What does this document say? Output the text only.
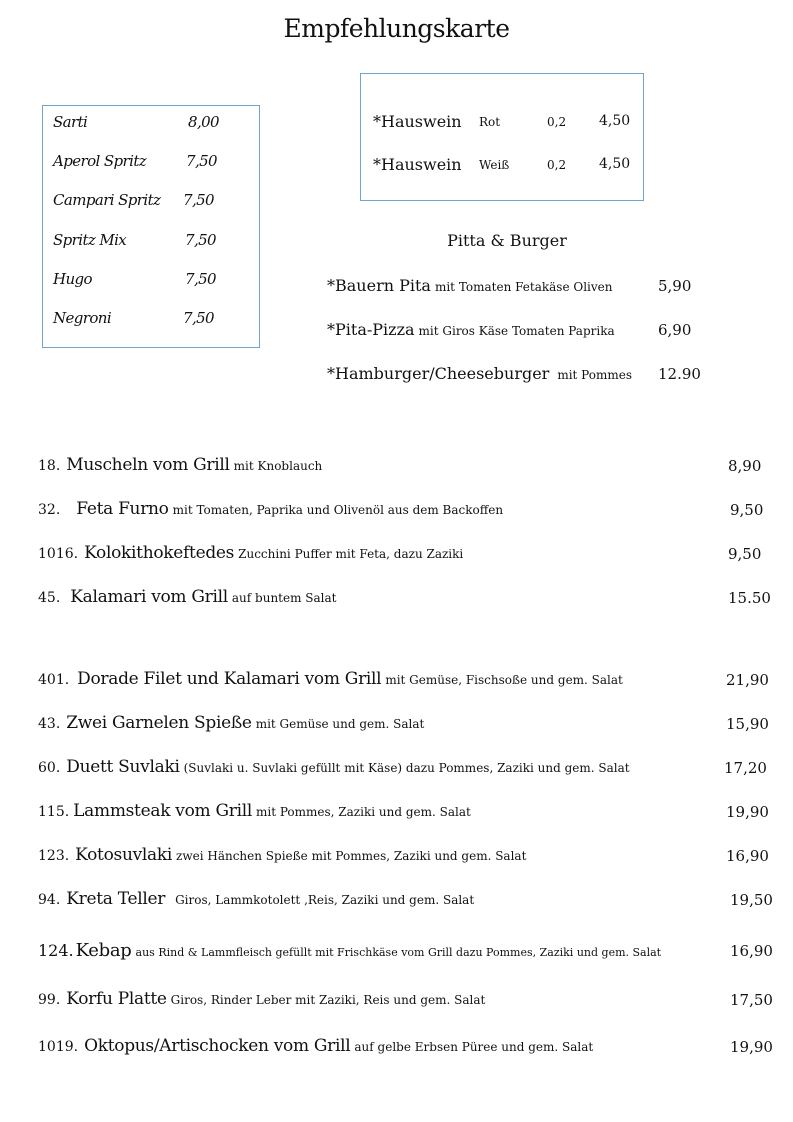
Empfehlungskarte
Sarti	8,00
Aperol Spritz	7,50
Campari Spritz 7,50
Spritz Mix	7,50
Hugo	7,50
Negroni	7,50
*Hauswein Rot	0,2 4,50
*Hauswein Weiß	0,2 4,50
Pitta & Burger
*Bauern Pita mit Tomaten Fetakäse Oliven	5,90
*Pita-Pizza mit Giros Käse Tomaten Paprika	6,90
*Hamburger/Cheeseburger mit Pommes 12.90
18. Muscheln vom Grill mit Knoblauch	8,90
32. Feta Furno mit Tomaten, Paprika und Olivenöl aus dem Backoffen	9,50
1016. Kolokithokeftedes Zucchini Puffer mit Feta, dazu Zaziki	9,50
45. Kalamari vom Grill auf buntem Salat	15.50
401. Dorade Filet und Kalamari vom Grill mit Gemüse, Fischsoße und gem. Salat	21,90
43. Zwei Garnelen Spieße mit Gemüse und gem. Salat	15,90
60. Duett Suvlaki (Suvlaki u. Suvlaki gefüllt mit Käse) dazu Pommes, Zaziki und gem. Salat	17,20
115. Lammsteak vom Grill mit Pommes, Zaziki und gem. Salat	19,90
123. Kotosuvlaki zwei Hänchen Spieße mit Pommes, Zaziki und gem. Salat	16,90
94. Kreta Teller Giros, Lammkotolett ,Reis, Zaziki und gem. Salat	19,50
124. Kebap aus Rind & Lammfleisch gefüllt mit Frischkäse vom Grill dazu Pommes, Zaziki und gem. Salat	16,90
99. Korfu Platte Giros, Rinder Leber mit Zaziki, Reis und gem. Salat	17,50
1019. Oktopus/Artischocken vom Grill auf gelbe Erbsen Püree und gem. Salat	19,90
